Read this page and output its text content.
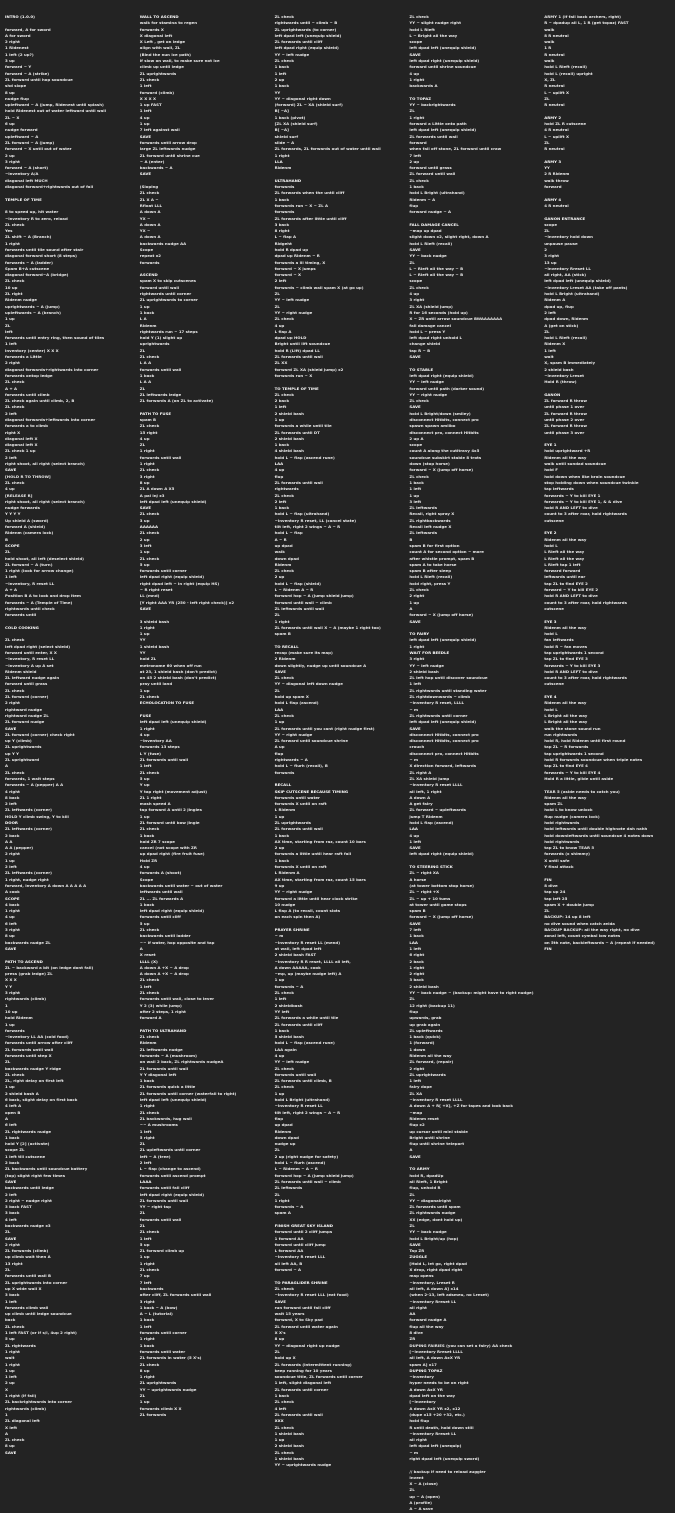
INTRO (1.0.0)
forward, A for sword
A for sword
2 right
1 Ridenest
1 left (2 up?)
3 up
forward ~ Y
forward ~ A (strike)
ZL forward until hop soundcue
shd slope
8 up
nudge flup
upleftward ~ A (jump, Ridenest until splash)
hold Ridenest out of water leftward until wall
ZL ~ X
6 up
nudge forward
upleftward ~ A
ZL forward ~ A (jump)
forward ~ X until out of water
2 up
3 right
forward ~ A (short)
~inventory A/A
diagonal left MUCH
diagonal forward+rightwards out of fall
TEMPLE OF TIME
8 to speed up, hit water
~inventory R to zero, reload
ZL check
Yes
ZL shift ~ A (Branch)
1 right
forwards until tile sound after stair
diagonal forward short (8 steps)
forwards ~ A (ladder)
Spam B+A cutscene
diagonal forward~A (bridge)
ZL check
10 up
ZL right
Ridenm nudge
uprightwards ~ A (jump)
upleftwards ~ A (branch)
1 up
ZL
left
forwards until entry ring, then sound of tiles
1 left
inventory (center) X X X
forwards a Little
2 right
diagonal forwards+rightwards into corner
forwards ontop ledge
ZL check
A + A
forwards until climb
ZL check again until climb, 2, B
ZL check
2 left
diagonal forwards+leftwards into corner
forwards a to climb
right X
diagonal left X
diagonal left X
ZL check 1 up
2 left
right shoot, all right (select branch)
SAVE
[HOLD R TO THROW]
ZL check
4 up
[RELEASE R]
right shoot, all right (select branch)
nudge forwards
Y Y Y Y
Up shield A (sword)
forward A (shield)
Ridenm (camera lock)
B
SCOPE
ZL
hold shoot, all left (deselect shield)
ZL forward ~ A (turn)
1 right (look for arrow change)
1 left
~inventory, R reset LL
A + A
Position B A to look and drop item
forwards ~ A (Temple of Time)
rightwards until check
forwards until
COLD COOKING
ZL check
left dpad right (select shield)
forward until enter, X X
~inventory, R reset LL
~inventory A up A set
Ridenm shield
ZL leftward nudge again
forward until grass
ZL check
ZL forward (corner)
2 right
rightward nudge
rightward nudge ZL
ZL forward nudge
SAVE
ZL forward (corner) check right
up Y (climb)
ZL uprightwards
up Y Y
ZL uprightward
A
ZL check
forwards, 1 wait steps
forwards ~ A (pepper) A A
4 right
8 back
2 left
ZL leftwards (corner)
HOLD Y climb swing, Y to kill
DOOR
ZL leftwards (corner)
2 back
A A
A A (pepper)
2 right
1 up
2 left
ZL leftwards (corner)
1 right, nudge right
forward, inventory A down A A A A A
A cook
SCOPE
4 back
1 right
4 up
6 left
3 right
8 up
backwards nudge ZL
SAVE
PATH TO ASCEND
ZL ~ backward a bit (on ledge dont fall)
press (grab ledge) ZL
X X X
Y Y
3 right
rightwards (climb)
1
10 up
hold Ridenm
1 up
forwards
~inventory LL AA (cold food)
forwards until arrow after cliff
ZL forwards until wall
forwards until step X
ZL
backwards nudge Y ridge
ZL check
ZL, right delay on first left
1 up
2 shield bash A
6 back, slight delay on first back
4 left A
open B
A
6 left
ZL rightwards nudge
1 back
hold Y [2] (activate)
scope ZL
1 left till cutscene
2 back
ZL backwards until soundcue battery
(top) slight right few times
SAVE
backwards until ledge
2 left
2 right ~ nudge right
3 back FAST
3 back
4 left
backwards nudge x3
ZL
SAVE
2 right
ZL forwards (climb)
up climb wait then A
13 right
ZL
forwards until wall B
ZL uprightwards into corner
up X wide wall X
3 back
1 left
forwards climb wall
up climb until ledge soundcue
back
ZL check
1 left FAST (or if s/l, 4up 2 right)
5 up
ZL rightwards
1 right
wait
1 right
1 up
1 left
2 up
X
1 right (if fail)
ZL backrightwards into corner
rightwards (climb)
1
ZL diagonal left
X left
A
ZL check
8 up
SAVE
WALL TO ASCEND
walk for stamina to regen
forwards X
X diagonal left
X Left , get on ledge
align with wall, ZL
(Bind the nun ice path)
if slow on wall, to make sure not ice
climb up until ledge
ZL uprightwards
ZL check
1 left
forward (climb)
X X X X
1 up FAST
1 left
4 up
1 up
7 left against wall
SAVE
forwards until arrow drop
large ZL leftwards nudge
ZL forward until shrine cue
~ A (enter)
backwards ~ A
SAVE
(Sloping
ZL check
ZL X A ~
Rfloat LLL
A down A
YX ~
A down A
YX ~
A down A
backwards nudge AA
Scope
repeat x2
forwards
ASCEND
spam X to skip cutscenes
forward until wall
rightwards until corner
ZL uprightwards to corner
1 up
1 back
L A
Ridenm
rightwards run ~ 17 steps
hold Y (1) slight up
uprightwards
ZL
ZL check
L A A
forwards until wall
1 back
L A A
ZL
ZL leftwards ledge
ZL forwards A (on ZL to activate)
PATH TO FUSE
spam B
ZL check
15 right
4 up
ZL
1 right
forwards until wall
1 right
ZL check
3 right
8 up
ZL A down A X5
A pal inj x3
left dpad left (unequip shield)
SAVE
ZL check
3 up
AAAAAA
ZL check
2 up
3 left
1 up
ZL check
5 up
forwards until corner
left dpad right (equip shield)
right dpad left ~ in right (equip HS)
~ R right reset
LL (mnd)
[Y right AAA YR (250 - left right check)] x2
SAVE
3 shield bash
1 right
1 up
YY
1 shield bash
YY
hold ZL
metronome 60 when off run
at 23, 1 shield bash (don't predict)
on 45 2 shield bash (don't predict)
pray until land
1 up
ZL check
ECHOLOCATION TO FUSE
FUSE
left dpad left (unequip shield)
1 right
4 up
~inventory AA
forwards 13 steps
L Y (fuse)
ZL forwards until wall
1 left
ZL check
5 up
Y up
Y tap right (movement adjust)
ZL 1 right
mash speed A
tap forward A until 2 jingles
1 up
ZL forward until bow jingle
ZL check
1 back
hold ZR 7 scope
cancel (not scope with ZR
up dpad right (fire fruit fuse)
Hold ZR
4 up
forwards A (shoot)
Scope
backwards until water ~ out of water
leftwards until wall
ZL ... ZL forwards A
1 back
left dpad right (equip shield)
forwards until cliff
5 up
ZL check
backwards until ladder
~~ if water, hop opposite and tap
A
X reset
LLLL (X)
A down A +X ~ A drop
A down A +X ~ A drop
ZL check
1 left
ZL check
forwards until wall, close to lever
Y 2 (3) while jump)
after 2 steps, 1 right
forward A
PATH TO ULTRAHAND
ZL check
Ridenm
ZL leftwards nudge
forwards ~ A (mushroom)
on wall 2 back, ZL rightwards nudgeA
ZL forwards until wall
Y Y diagonal left
1 back
ZL forwards quick a little
ZL forwards until corner (waterfall to right)
left dpad left (unequip shield)
1 right
ZL check
ZL backwards, hug wall
~~ A mushrooms
1 left
5 right
ZL
ZL upleftwards until corner
left ~ A (tree)
2 left
L ~ flap (change to ascend)
forwards until ascend prompt
LAAA
forwards until fall cliff
left dpad right (equip shield)
ZL forwards until wall
YY ~ right tap
ZL
forwards until wall
ZL
ZL check
1 left
5 up
ZL forward climb up
1 up
1 right
ZL check
7 up
7 left
backwards
after cliff, ZL forwards until wall
3 right
1 back ~ A (bow)
A ~ L (tutorial)
1 back
1 left
forwards until corner
1 right
1 back
forwards until water
ZL forwards in water (5 X's)
ZL check
8 up
1 right
ZL uprightwards
YY ~ uprightwards nudge
ZL
1 up
forwards climb X X
ZL forwards
ZL check
rightwards until ~ climb ~ B
ZL uprightwards (to corner)
left dpad left (unequip shield)
ZL forwards until cliff
left dpad right (equip shield)
YY ~ left nudge
ZL check
1 back
1 left
2 up
1 back
YY
YY ~ diagonal right down
(forward) ZL ~ XA (shield surf)
B[ ~A]
1 back (pivot)
[ZL XA (shield surf)
B[ ~A]
shield surf
slide ~ A
ZL forwards, ZL forwards out of water until wall
1 right
LLA
Ridenm
ULTRAHAND
forwards
ZL forwards when the until cliff
1 back
forwards run ~ X ~ ZL A
forwards
ZL forwards after little until cliff
3 back
8 right
L ~ flap A
Ridgeht
hold R dpad up
dpad up Ridenm ~ R
forwards a lil timing, X
forward ~ X jumps
forward ~ X
2 left
forwards ~ climb wall spam X (at go up)
ZL
YY ~ left nudge
ZL
YY ~ right nudge
ZL check
4 up
L flap A
dpad up HOLD
Bright until lift soundcue
hold R (Lift) dpad LL
ZL forwards until wall
ZL XX
forward ZL XA (shield jump) x2
forwards run ~ X
TO TEMPLE OF TIME
ZL check
2 back
1 left
2 shield bash
1 up
forwards a while until tile
ZL forwards until DT
2 shield bash
1 back
4 shield bash
hold L ~ flap (ascend rune)
LAA
4 up
flup
ZL forwards until wall
rightwards
ZL check
2 left
1 back
hold L ~ flap (ultrahand)
~inventory R reset, LL (cancel state)
tilt left, right 2 wings ~ A ~ R
hold L ~ flap
A ~ R
up dpad
walk
down dpad
Ridenm
ZL check
2 up
hold L ~ flap (shield)
L ~ Ridenm A ~ R
forward hop ~ A (jump shield jump)
forward until wall ~ climb
ZL leftwards until wall
ZL
1 right
ZL forwards until wall X ~ A (maybe 1 right too)
spam B
TO RECALL
recap (make sure its map)
2 Ridenm
down slightly, nudge up until soundcue A
SAVE
ZL check
YY ~ diagonal left down nudge
ZL
hold up spam X
hold L flap (ascend)
LAA
ZL check
1 up
ZL forwards until you cant (right nudge first)
YY ~ right nudge
ZL forward until soundcue shrine
A up
flup
rightwards ~ A
hold L ~ flurh (recall), B
forwards
RECALL
SKIP CUTSCENE BECAUSE TIMING
forwards until water
forwards X until on raft
L Ridenm
1 up
ZL uprightwards
ZL forwards until wall
1 back
AX time, starting from raz, count 10 bars
2 up
forwards a little until hear raft fall
1 back
forwards X until on raft
L Ridenm A
AX time, starting from raz, count 15 bars
9 up
YY ~ right nudge
forward a little until hear clock strike
10 nudge
L flap A (to recall, count slots
on each spin then A)
PRAYER SHRINE
~ m
~inventory R reset LL (mend)
at wall, left dpad left
2 shield bash FAST
~inventory R R reset, LLLL all left,
A down AAAAA, cook
~mp, up (maybe nudge left) A
1 up
forwards ~ A
ZL check
1 left
2 shieldbash
YY left
ZL forwards a while until tile
ZL forwards until cliff
1 back
5 shield bash
hold L ~ flap (ascend rune)
LAA again
4 up
YY ~ left nudge
ZL check
forwards until wall
ZL forwards until climb, B
ZL check
1 up
hold L Bright (ultrahand)
~inventory R reset LL
tilt left, right 2 wings ~ A ~ R
flap
up dpad
Ridenm
down dpad
nudge up
ZL
2 up (right nudge for safety)
hold L ~ flurh (ascend)
L ~ Ridenm ~ A ~ R
forward hop ~ A (jump shield jump)
ZL forwards until wall ~ climb
ZL leftwards
ZL
1 right
forwards ~ A
spam A
FINISH GREAT SKY ISLAND
forward until 2 cliff jumps
1 forward AA
forward until cliff jump
L forward AA
~inventory R reset LLL
all left AA, B
forward ~ A
TO PARAGLIDER SHRINE
ZL check
~inventory R reset LLL (eat food)
SAVE
run forward until fall cliff
wait 15 years
forward, X to Sky pad
ZL forward until water again
X X's
8 up
YY ~ diagonal right up nudge
ZL
hold up X
ZL forwards (intermittent running)
keep running for 10 years
soundcue title, ZL forwards until corner
1 left, slight diagonal left
ZL forwards until corner
1 back
ZL check
4 left
ZL forwards until wall
XXX
ZL check
1 shield bash
1 up
2 shield bash
ZL check
1 shield bash
YY ~ uprightwards nudge
ZL check
YY ~ slight nudge right
hold L Rleft
L ~ Bright all the way
scope
left dpad left (unequip shield)
SAVE
left dpad right (unequip shield)
forward until shrine soundcue
4 up
1 right
backwards A
TO TOPAZ
YY ~ backrightwards
ZL
1 right
forward a Little onto path
left dpad left (unequip shield)
ZL forwards until wall
forward
when fall off stone, ZL forward until craw
7 left
2 up
forward until grass
ZL forward until wall
ZL check
1 back
hold L Bright (ultrahand)
Ridenm ~ A
flup
forward nudge ~ A
FALL DAMAGE CANCEL
~map up dpad
slight down x2, slight right, down A
hold L Rleft (recall)
SAVE
YY ~ back nudge
ZL
L ~ Rleft all the way ~ B
L ~ Rleft all the way ~ B
scope
ZL check
4 up
3 right
ZL XA (shield jump)
R for 16 seconds (hold up)
X ~ ZR until arrow soundcue BWAAAAAAA
fall damage cancel
hold L ~ press Y
left dpad right unhold L
change shield
tap R ~ B
SAVE
TO STABLE
left dpad right (equip shield)
YY ~ left nudge
forward until path (darker sound)
YY ~ right nudge
ZL check
SAVE
hold L Bright/down (smiley)
disconnect Hitbits, connect pro
spawn spawn amiibo
disconnect pro, connect Hitbits
2 up A
scope
count A along the cutltravy 4x5
soundcue subskirt stable 8 trots
down (stop horse)
forward ~ X (jump off horse)
ZL check
1 back
1 left
1 up
3 left
ZL leftwards
Recall, right spray X
ZL rightbackwards
Recall left nudge X
ZL leftwards
B
spam B for first option
count A for second option ~ more
after whistle prompt, spam B
spam A to take horse
spam B after sleep
hold L Rleft (recall)
hold right, press Y
ZL check
2 right
1 up
A
forward ~ X (jump off horse)
SAVE
TO FAIRY
left dpad left (unequip shield)
1 right
WAIT FOR BEEDLE
3 right
YY ~ left nudge
2 shield bash
ZL left hop until discover soundcue
1 left
ZL rightwards until standing water
ZL rightdownwards ~ climb
~inventory R reset, LLLL
~ m
ZL rightwards until corner
left dpad left (unequip shield)
SAVE
disconnect Hitbits, connect pro
disconnect Hitbits, connect pro
crouch
disconnect pro, connect Hitbits
~ m
X direction forward, leftwards
ZL right A
ZL XA shield jump
~inventory R reset LLLL
all left, 1 right
A down A
A get fairy
ZL forward ~ upleftwards
jump T Ridenm
hold L flap (ascend)
LAA
4 up
1 left
SAVE
left dpad right (equip shield)
TO STEERING STICK
ZL ~ right XA
A horse
(at tower bottom stop horse)
ZL ~ right +X
ZL ~ up + 10 tums
at tower until game stops
spam B
forward ~ X (jump off horse)
SAVE
7 left
1 back
LAA
1 left
6 right
2 back
1 right
2 right
3 back
2 shield bash
YY ~ back nudge ~ (backup: might have to right nudge)
ZL
12 right (backup 11)
flup
upwards, grab
up grab again
ZL upleftwards
1 back (quick)
1 (forward)
1 down
Ridenm all the way
ZL forward, (repair)
2 right
ZL uprightwards
1 left
fairy dope
ZL XA
~inventory R reset LLLL
A down A + R[ +X], +Z for tapes and look back
~map
Ridenm reset
flup x2
up cursor until mini stable
Bright until shrine
flup until shrine teleport
A
SAVE
TO ARMY
hold R, dpadUp
all Rleft, 1 Bright
flup, unhold R
ZL
YY ~ diagonalright
ZL forwards until spam
ZL rightwards nudge
XX (edge, dont hold up)
ZL
YY ~ back nudge
hold L Bright/up (hop)
SAVE
Tap ZR
ZUGGLE
[Hold L, let go, right dpad
X drop, right dpad right
map opens
~inventory, Lreset R
all left, A down A] x14
(when 2-13, left adsmeu, no Lreset)
~inventory Rreset LL
all right
AA
forward nudge A
flup all the way
8 dive
ZR
DUPING FAIRIES (you can set a fairy) AA check
[~inventory Rreset LLLL
all left, A down AxX YR
spam A] x17
DUPING TOPAZ
~inventory
hyper needs to be on right
A down AxX YR
dpad left on the way
[~inventory
A down AxX YR x2, x12
(dupe x15 +20 +32, etc.)
hold flup
R until death, hold down still
~inventory Rreset LL
all right
left dpad left (unequip)
~ m
right dpad left (unequip sword)
// backup if need to reload zuggler
Invent
X ~ A (close)
ZL
up ~ A (open)
A (profile)
A ~ A save
ARMY 1 (if fail back archers, right)
R ~ dpadup all L, 1 R (get topaz) FAST
walk
8 R neutral
walk
1 R
R neutral
walk
hold L Rleft (recall)
hold L (recall) upright
X, ZL
R neutral
L ~ uplift X
ZL
R neutral
ARMY 2
hold ZL R cutscene
4 R neutral
L ~ uplift X
ZL
R neutral
ARMY 3
YY
2 R Ridenm
walk throw
forward
ARMY 4
4 R neutral
GANON ENTRANCE
scope
ZL
~inventory hold down
unpause pause
2
3 right
13 up
~inventory Rreset LL
all right, AA (stick)
left dpad left (unequip shield)
~inventory Lreset AA (take off pants)
hold L Bright (ultrahand)
Ridenm A
dpad up, flup
2 left
dpad down, Ridenm
A (get on stick)
ZL
hold L Rleft (recall)
Ridenm X
1 left
wait
X, spam B immediately
2 shield bash
~inventory Lreset
Hold R (throw)
GANON
ZL forward R throw
until phase 1 over
ZL forward R throw
until phase 2 over
ZL forward R throw
until phase 3 over
EYE 1
hold uprightward +R
Ridenm all the way
walk until sundad soundcue
hold F
hold down when like brain soundcue
stop holding down when soundcue twinkle
tap leftwards
forwards ~ Y to kill EYE 1
forwards ~ Y to kill EYE 1, & & dive
hold R AND LEFT to dive
count to 3 after roar, hold rightwards
cutscene
EYE 2
Ridenm all the way
hold L
L Rleft all the way
L Rleft all the way
L Rleft tap 1 left
forward forward
leftwards until ear
tap ZL to find EYE 2
forward ~ Y to kill EYE 2
hold R AND LEFT to dive
count to 3 after roar, hold rightwards
cutscene
EYE 3
Ridenm all the way
hold L
fan leftwards
hold R ~ fan moves
tap uprightwards 1 second
tap ZL to find EYE 3
forwards ~ Y to kill EYE 3
hold R AND LEFT to dive
count to 3 after roar, hold rightwards
cutscene
EYE 4
Ridenm all the way
hold L
L Bright all the way
L Bright all the way
walk the stone sound run
run rightwards
hold R, hold Ridenm until first round
tap ZL ~ R forwards
tap uprightwards 1 second
hold R forwards soundcue when triple notes
tap ZL to find EYE 4
forwards ~ Y to kill EYE 4
Hold R a little, glide until aside
TEAR 5 (aside needs to catch you)
Ridenm all the way
spam ZL
hold L to know unlock
flup nudge (camera lock)
hold rightwards
hold leftwards until double highnote dah nahh
hold downleftwards until soundcue 4 notes down
hold rightwards
tap ZL to know TEAR 5
forwards (x shimmy)
X until safe
Y final attack
FIN
8 dive
tap up 24
tap left 25
spam X + double jump
ZL
BACKUP: 14 up 8 left
no dive sound when catch zelda
BACKUP BACKUP: all the way right, no dive
zonai left, count cymbal low notes
on 5th note, backleftwards ~ A (repeat if needed)
FIN
